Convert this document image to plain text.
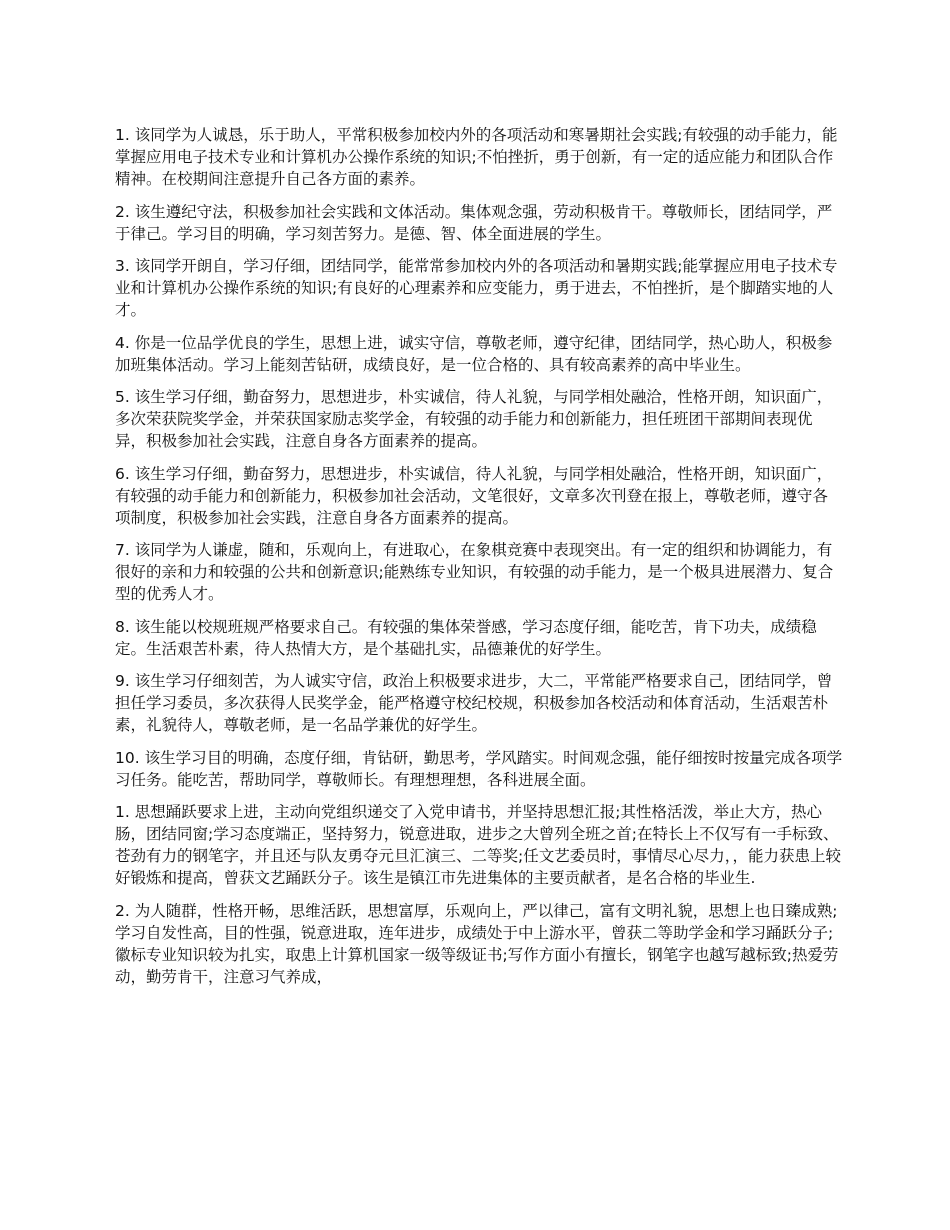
1. 该同学为人诚恳，乐于助人，平常积极参加校内外的各项活动和寒暑期社会实践;有较强的动手能力，能掌握应用电子技术专业和计算机办公操作系统的知识;不怕挫折，勇于创新，有一定的适应能力和团队合作精神。在校期间注意提升自己各方面的素养。

2. 该生遵纪守法，积极参加社会实践和文体活动。集体观念强，劳动积极肯干。尊敬师长，团结同学，严于律己。学习目的明确，学习刻苦努力。是德、智、体全面进展的学生。

3. 该同学开朗自，学习仔细，团结同学，能常常参加校内外的各项活动和暑期实践;能掌握应用电子技术专业和计算机办公操作系统的知识;有良好的心理素养和应变能力，勇于进去，不怕挫折，是个脚踏实地的人才。

4. 你是一位品学优良的学生，思想上进，诚实守信，尊敬老师，遵守纪律，团结同学，热心助人，积极参加班集体活动。学习上能刻苦钻研，成绩良好，是一位合格的、具有较高素养的高中毕业生。

5. 该生学习仔细，勤奋努力，思想进步，朴实诚信，待人礼貌，与同学相处融洽，性格开朗，知识面广，多次荣获院奖学金，并荣获国家励志奖学金，有较强的动手能力和创新能力，担任班团干部期间表现优异，积极参加社会实践，注意自身各方面素养的提高。

6. 该生学习仔细，勤奋努力，思想进步，朴实诚信，待人礼貌，与同学相处融洽，性格开朗，知识面广，有较强的动手能力和创新能力，积极参加社会活动，文笔很好，文章多次刊登在报上，尊敬老师，遵守各项制度，积极参加社会实践，注意自身各方面素养的提高。

7. 该同学为人谦虚，随和，乐观向上，有进取心，在象棋竞赛中表现突出。有一定的组织和协调能力，有很好的亲和力和较强的公共和创新意识;能熟练专业知识，有较强的动手能力，是一个极具进展潜力、复合型的优秀人才。

8. 该生能以校规班规严格要求自己。有较强的集体荣誉感，学习态度仔细，能吃苦，肯下功夫，成绩稳定。生活艰苦朴素，待人热情大方，是个基础扎实，品德兼优的好学生。

9. 该生学习仔细刻苦，为人诚实守信，政治上积极要求进步，大二，平常能严格要求自己，团结同学，曾担任学习委员，多次获得人民奖学金，能严格遵守校纪校规，积极参加各校活动和体育活动，生活艰苦朴素，礼貌待人，尊敬老师，是一名品学兼优的好学生。

10. 该生学习目的明确，态度仔细，肯钻研，勤思考，学风踏实。时间观念强，能仔细按时按量完成各项学习任务。能吃苦，帮助同学，尊敬师长。有理想理想，各科进展全面。

1. 思想踊跃要求上进，主动向党组织递交了入党申请书，并坚持思想汇报;其性格活泼，举止大方，热心肠，团结同窗;学习态度端正，坚持努力，锐意进取，进步之大曾列全班之首;在特长上不仅写有一手标致、苍劲有力的钢笔字，并且还与队友勇夺元旦汇演三、二等奖;任文艺委员时，事情尽心尽力，，能力获患上较好锻炼和提高，曾获文艺踊跃分子。该生是镇江市先进集体的主要贡献者，是名合格的毕业生.

2. 为人随群，性格开畅，思维活跃，思想富厚，乐观向上，严以律己，富有文明礼貌，思想上也日臻成熟;学习自发性高，目的性强，锐意进取，连年进步，成绩处于中上游水平，曾获二等助学金和学习踊跃分子;徽标专业知识较为扎实，取患上计算机国家一级等级证书;写作方面小有擅长，钢笔字也越写越标致;热爱劳动，勤劳肯干，注意习气养成，
